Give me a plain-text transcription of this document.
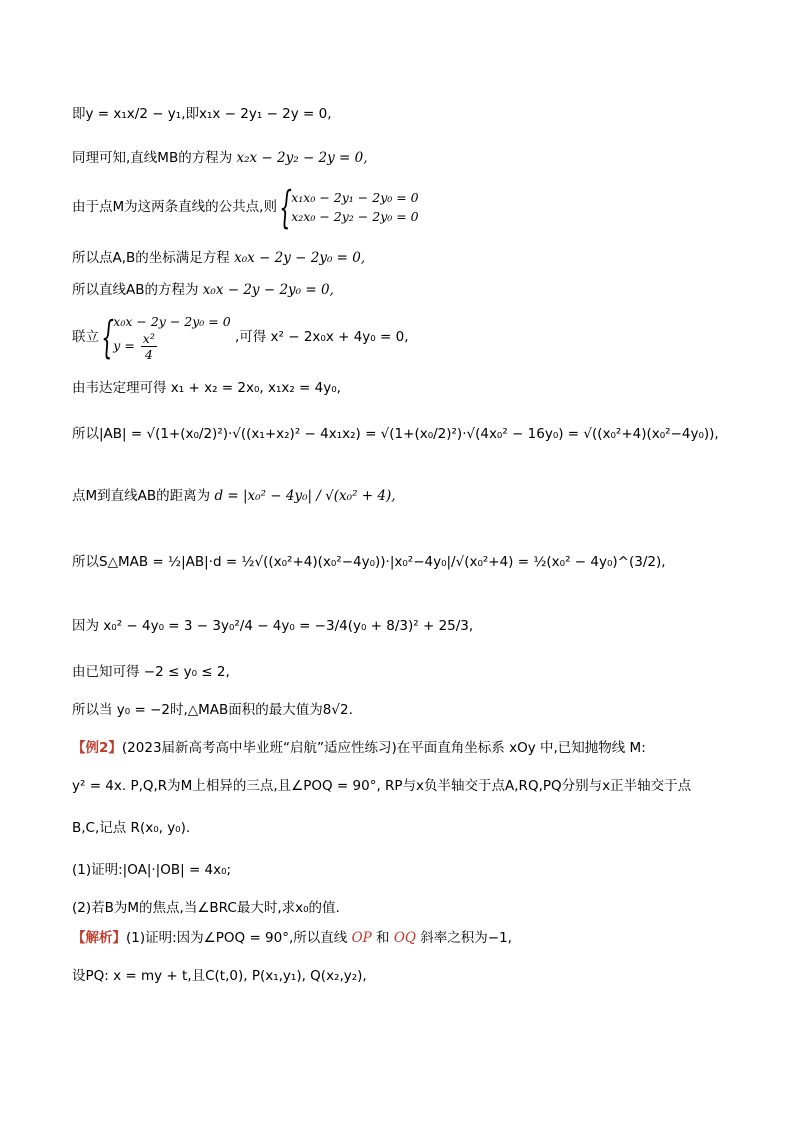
即y = x₁x/2 − y₁,即x₁x − 2y₁ − 2y = 0,
同理可知,直线MB的方程为 x₂x − 2y₂ − 2y = 0,
由于点M为这两条直线的公共点,则
{ x₁x₀ − 2y₁ − 2y₀ = 0
x₂x₀ − 2y₂ − 2y₀ = 0
所以点A,B的坐标满足方程 x₀x − 2y − 2y₀ = 0,
所以直线AB的方程为 x₀x − 2y − 2y₀ = 0,
联立
{ x₀x − 2y − 2y₀ = 0
$y = \frac{\text{x²}}{4}$	,可得 x² − 2x₀x + 4y₀ = 0,
由韦达定理可得 x₁ + x₂ = 2x₀, x₁x₂ = 4y₀,
所以|AB| = √(1+(x₀/2)²)·√((x₁+x₂)² − 4x₁x₂) = √(1+(x₀/2)²)·√(4x₀² − 16y₀) = √((x₀²+4)(x₀²−4y₀)),
点M到直线AB的距离为 d = |x₀² − 4y₀| / √(x₀² + 4),
所以S△MAB = ½|AB|·d = ½√((x₀²+4)(x₀²−4y₀))·|x₀²−4y₀|/√(x₀²+4) = ½(x₀² − 4y₀)^(3/2),
因为 x₀² − 4y₀ = 3 − 3y₀²/4 − 4y₀ = −3/4(y₀ + 8/3)² + 25/3,
由已知可得 −2 ≤ y₀ ≤ 2,
所以当 y₀ = −2时,△MAB面积的最大值为8√2.
【例2】(2023届新高考高中毕业班“启航”适应性练习)在平面直角坐标系 xOy 中,已知抛物线 M:
y² = 4x. P,Q,R为M上相异的三点,且∠POQ = 90°, RP与x负半轴交于点A,RQ,PQ分别与x正半轴交于点
B,C,记点 R(x₀, y₀).
(1)证明:|OA|·|OB| = 4x₀;
(2)若B为M的焦点,当∠BRC最大时,求x₀的值.
【解析】(1)证明:因为∠POQ = 90°,所以直线 OP 和 OQ 斜率之积为−1,
设PQ: x = my + t,且C(t,0), P(x₁,y₁), Q(x₂,y₂),
